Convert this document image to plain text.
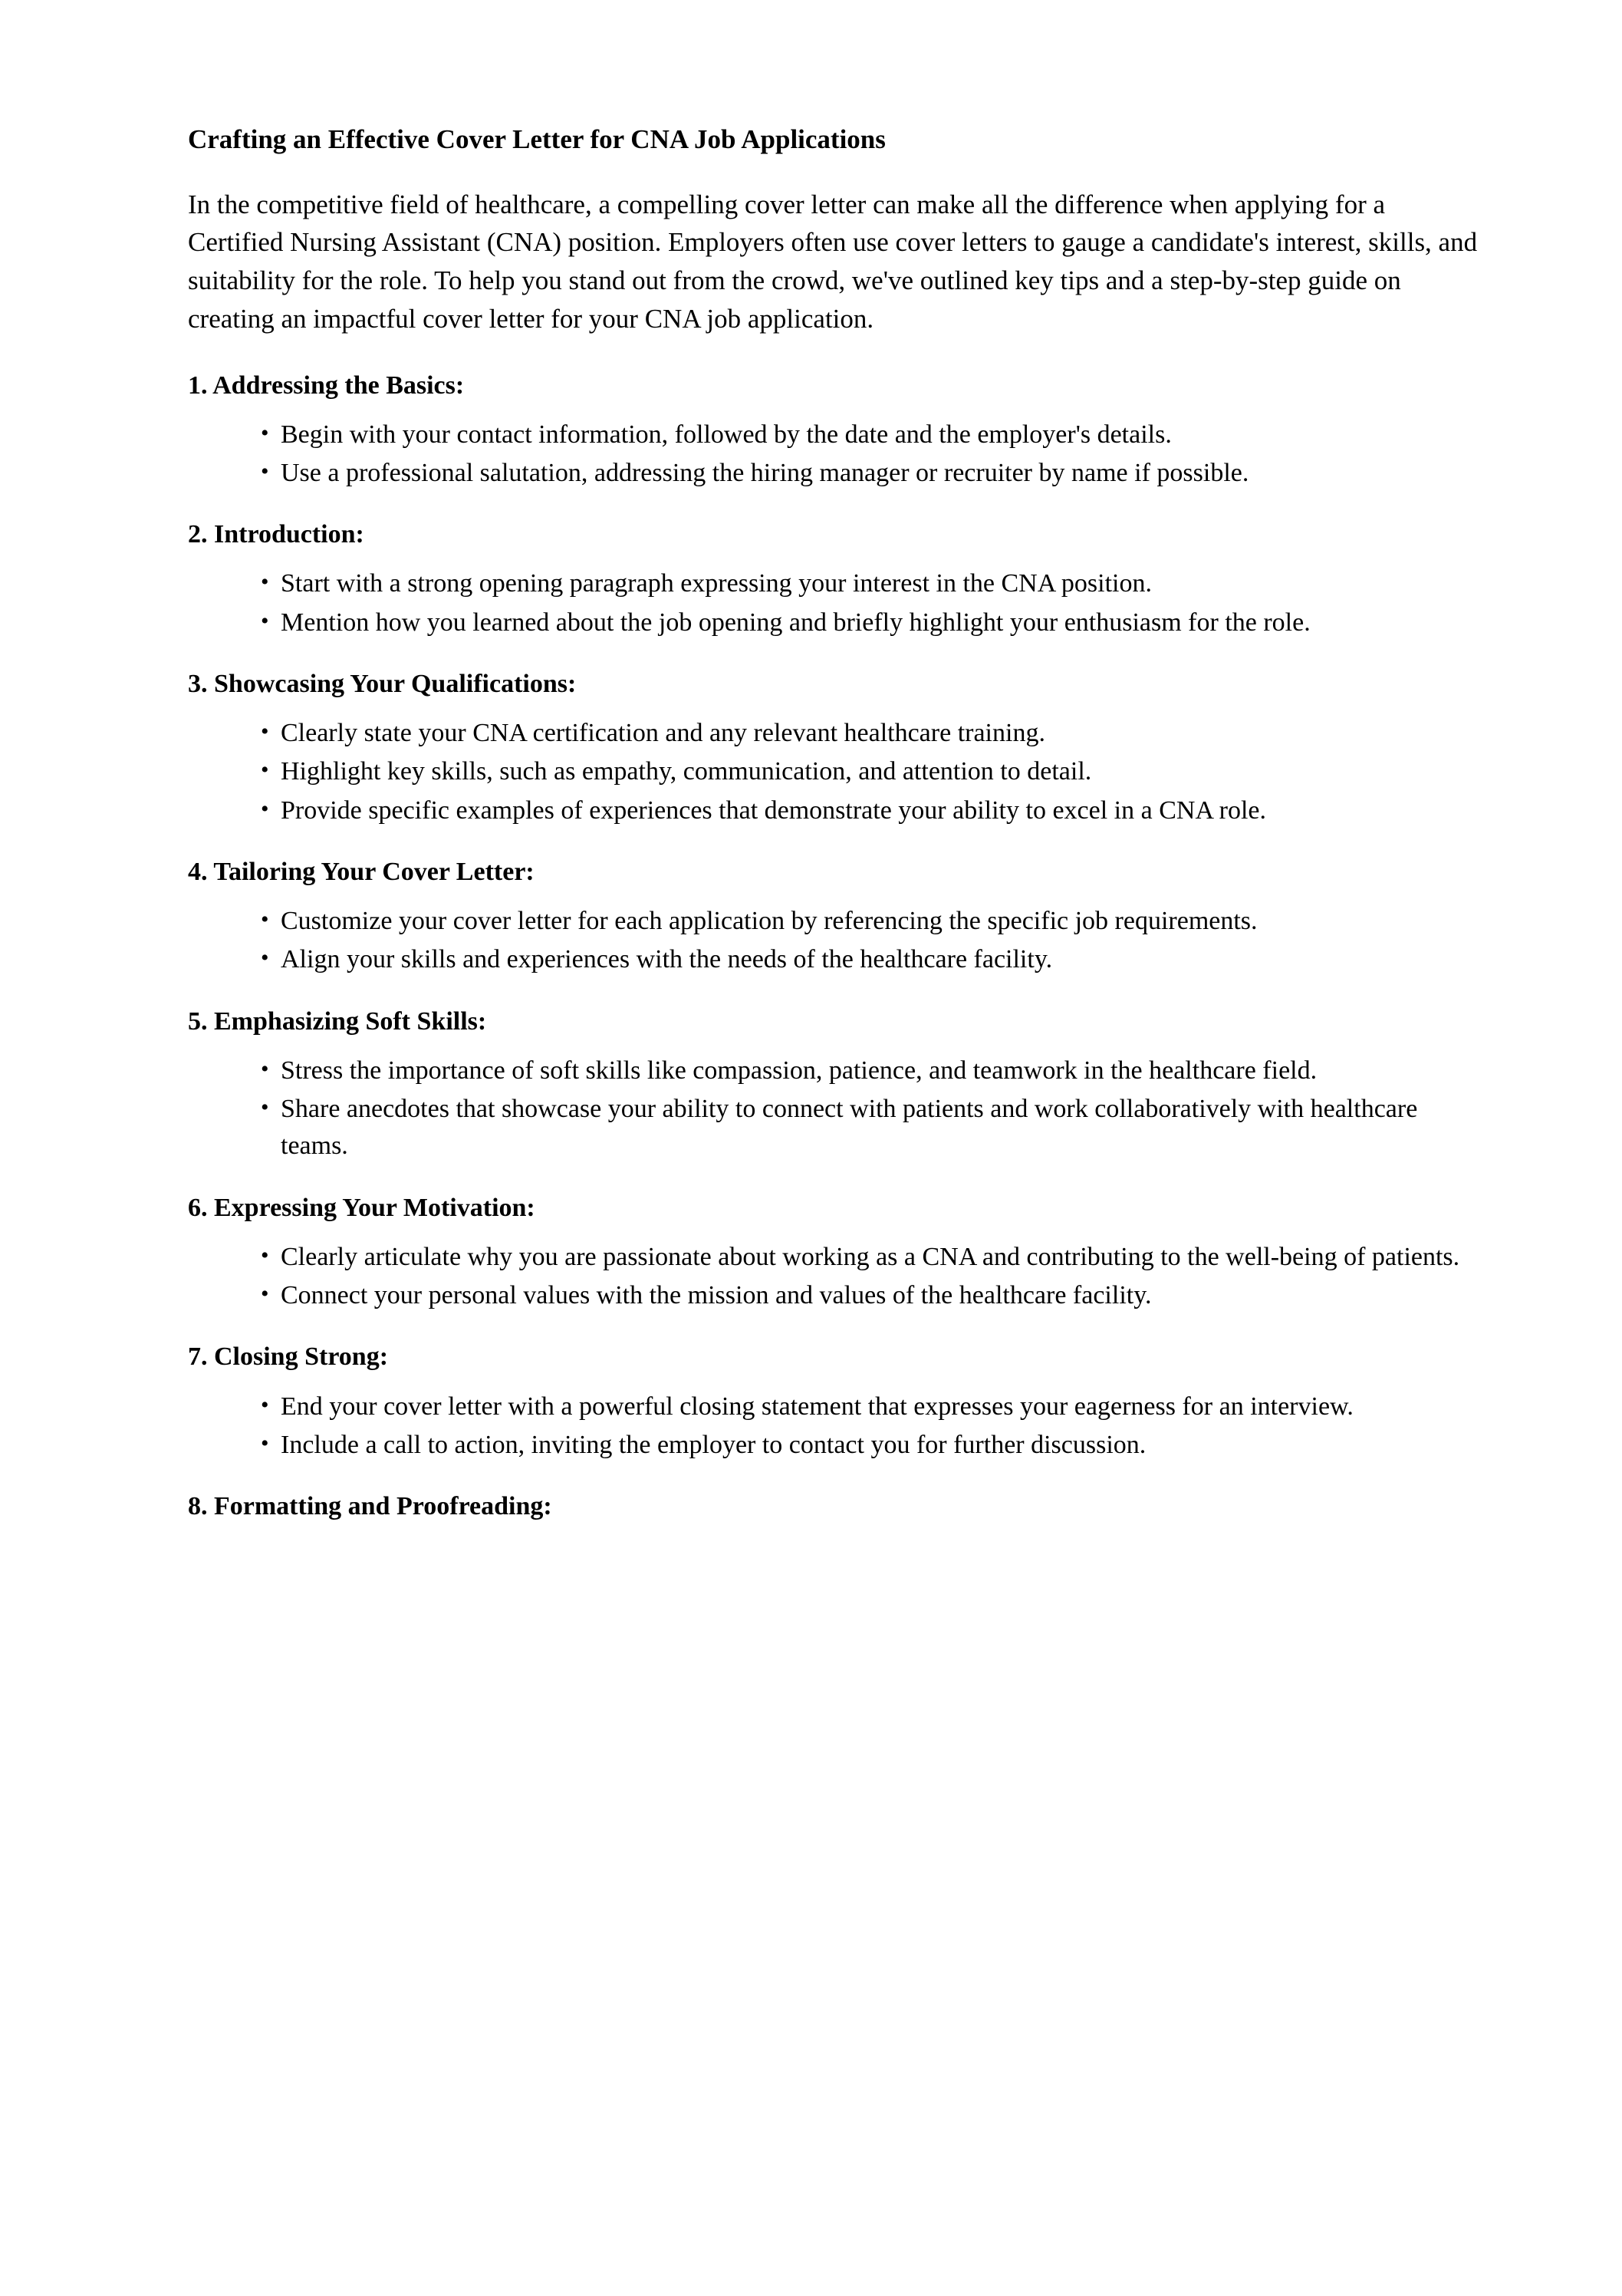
Crafting an Effective Cover Letter for CNA Job Applications

In the competitive field of healthcare, a compelling cover letter can make all the difference when applying for a Certified Nursing Assistant (CNA) position. Employers often use cover letters to gauge a candidate's interest, skills, and suitability for the role. To help you stand out from the crowd, we've outlined key tips and a step-by-step guide on creating an impactful cover letter for your CNA job application.

1. Addressing the Basics:
• Begin with your contact information, followed by the date and the employer's details.
• Use a professional salutation, addressing the hiring manager or recruiter by name if possible.
2. Introduction:
• Start with a strong opening paragraph expressing your interest in the CNA position.
• Mention how you learned about the job opening and briefly highlight your enthusiasm for the role.
3. Showcasing Your Qualifications:
• Clearly state your CNA certification and any relevant healthcare training.
• Highlight key skills, such as empathy, communication, and attention to detail.
• Provide specific examples of experiences that demonstrate your ability to excel in a CNA role.
4. Tailoring Your Cover Letter:
• Customize your cover letter for each application by referencing the specific job requirements.
• Align your skills and experiences with the needs of the healthcare facility.
5. Emphasizing Soft Skills:
• Stress the importance of soft skills like compassion, patience, and teamwork in the healthcare field.
• Share anecdotes that showcase your ability to connect with patients and work collaboratively with healthcare teams.
6. Expressing Your Motivation:
• Clearly articulate why you are passionate about working as a CNA and contributing to the well-being of patients.
• Connect your personal values with the mission and values of the healthcare facility.
7. Closing Strong:
• End your cover letter with a powerful closing statement that expresses your eagerness for an interview.
• Include a call to action, inviting the employer to contact you for further discussion.
8. Formatting and Proofreading:
